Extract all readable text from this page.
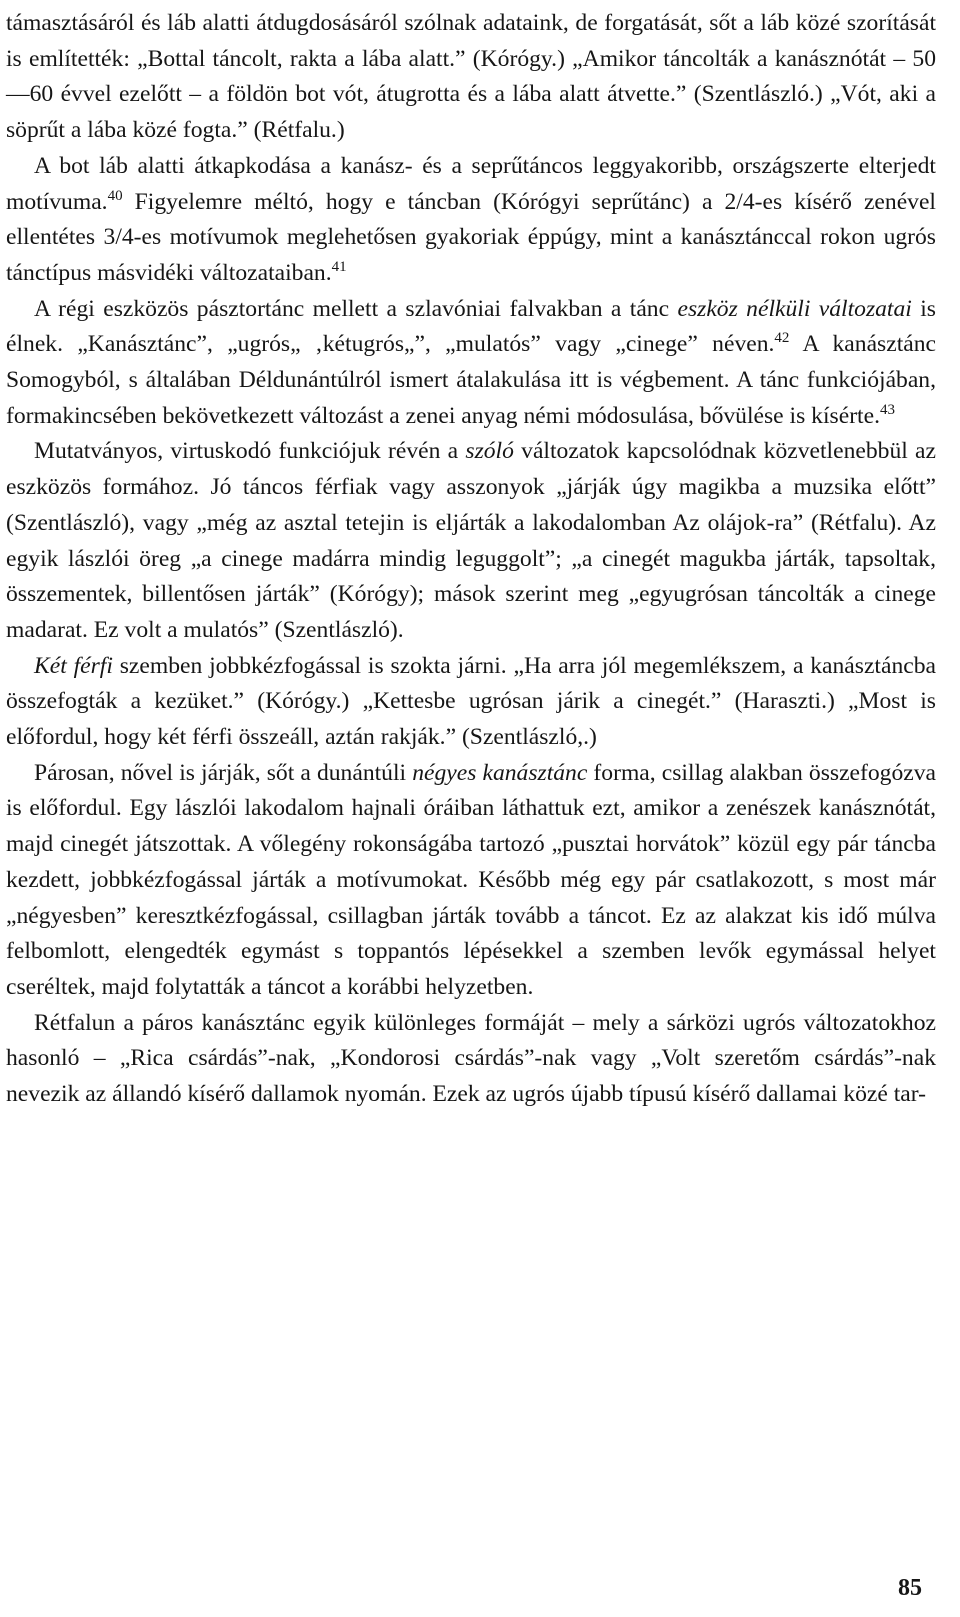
támasztásáról és láb alatti átdugdosásáról szólnak adataink, de forgatását, sőt a láb közé szorítását is említették: „Bottal táncolt, rakta a lába alatt.” (Kórógy.) „Amikor táncolták a kanásznótát – 50—60 évvel ezelőtt – a földön bot vót, átugrotta és a lába alatt átvette.” (Szentlászló.) „Vót, aki a söprűt a lába közé fogta.” (Rétfalu.)

A bot láb alatti átkapkodása a kanász- és a seprűtáncos leggyakoribb, országszerte elterjedt motívuma.$^{40}$ Figyelemre méltó, hogy e táncban (Kórógyi seprűtánc) a 2/4-es kísérő zenével ellentétes 3/4-es motívumok meglehetősen gyakoriak éppúgy, mint a kanásztánccal rokon ugrós tánctípus másvidéki változataiban.$^{41}$

A régi eszközös pásztortánc mellett a szlavóniai falvakban a tánc eszköz nélküli változatai is élnek. „Kanásztánc”, „ugrós„ ‚kétugrós„”, „mulatós” vagy „cinege” néven.$^{42}$ A kanásztánc Somogyból, s általában Déldunántúlról ismert átalakulása itt is végbement. A tánc funkciójában, formakincsében bekövetkezett változást a zenei anyag némi módosulása, bővülése is kísérte.$^{43}$

Mutatványos, virtuskodó funkciójuk révén a szóló változatok kapcsolódnak közvetlenebbül az eszközös formához. Jó táncos férfiak vagy asszonyok „járják úgy magikba a muzsika előtt” (Szentlászló), vagy „még az asztal tetejin is eljárták a lakodalomban Az olájok-ra” (Rétfalu). Az egyik lászlói öreg „a cinege madárra mindig leguggolt”; „a cinegét magukba járták, tapsoltak, összementek, billentősen járták” (Kórógy); mások szerint meg „egyugrósan táncolták a cinege madarat. Ez volt a mulatós” (Szentlászló).

Két férfi szemben jobbkézfogással is szokta járni. „Ha arra jól megemlékszem, a kanásztáncba összefogták a kezüket.” (Kórógy.) „Kettesbe ugrósan járik a cinegét.” (Haraszti.) „Most is előfordul, hogy két férfi összeáll, aztán rakják.” (Szentlászló,.)

Párosan, nővel is járják, sőt a dunántúli négyes kanásztánc forma, csillag alakban összefogózva is előfordul. Egy lászlói lakodalom hajnali óráiban láthattuk ezt, amikor a zenészek kanásznótát, majd cinegét játszottak. A vőlegény rokonságába tartozó „pusztai horvátok” közül egy pár táncba kezdett, jobbkézfogással járták a motívumokat. Később még egy pár csatlakozott, s most már „négyesben” keresztkézfogással, csillagban járták tovább a táncot. Ez az alakzat kis idő múlva felbomlott, elengedték egymást s toppantós lépésekkel a szemben levők egymással helyet cseréltek, majd folytatták a táncot a korábbi helyzetben.

Rétfalun a páros kanásztánc egyik különleges formáját – mely a sárközi ugrós változatokhoz hasonló – „Rica csárdás”-nak, „Kondorosi csárdás”-nak vagy „Volt szeretőm csárdás”-nak nevezik az állandó kísérő dallamok nyomán. Ezek az ugrós újabb típusú kísérő dallamai közé tar-

85
